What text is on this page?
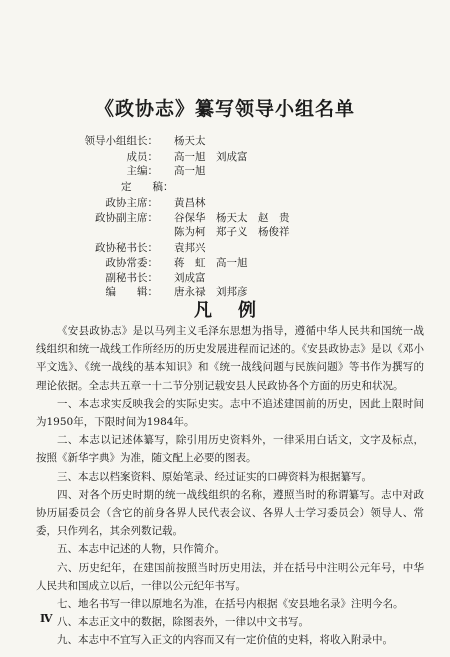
《政协志》纂写领导小组名单
领导小组组长： 杨天太
成员： 高一旭　刘成富
主编： 高一旭
定　　稿：
政协主席： 黄昌林
政协副主席： 谷保华　杨天太　赵　贵
陈为柯　郑子义　杨俊祥
政协秘书长： 袁邦兴
政协常委： 蒋　虹　高一旭
副秘书长： 刘成富
编　　辑： 唐永禄　刘邦彦
凡例

《安县政协志》是以马列主义毛泽东思想为指导，遵循中华人民共和国统一战线组织和统一战线工作所经历的历史发展进程而记述的。《安县政协志》是以《邓小平文选》、《统一战线的基本知识》和《统一战线问题与民族问题》等书作为撰写的理论依据。全志共五章一十二节分别记载安县人民政协各个方面的历史和状况。

一、本志求实反映我会的实际史实。志中不追述建国前的历史，因此上限时间为1950年，下限时间为1984年。

二、本志以记述体纂写，除引用历史资料外，一律采用白话文，文字及标点，按照《新华字典》为准，随文配上必要的图表。

三、本志以档案资料、原始笔录、经过证实的口碑资料为根据纂写。

四、对各个历史时期的统一战线组织的名称，遵照当时的称谓纂写。志中对政协历届委员会（含它的前身各界人民代表会议、各界人士学习委员会）领导人、常委，只作列名，其余列数记载。

五、本志中记述的人物，只作简介。

六、历史纪年，在建国前按照当时历史用法，并在括号中注明公元年号，中华人民共和国成立以后，一律以公元纪年书写。

七、地名书写一律以原地名为准，在括号内根据《安县地名录》注明今名。

八、本志正文中的数据，除图表外，一律以中文书写。

九、本志中不宜写入正文的内容而又有一定价值的史料，将收入附录中。

Ⅳ
